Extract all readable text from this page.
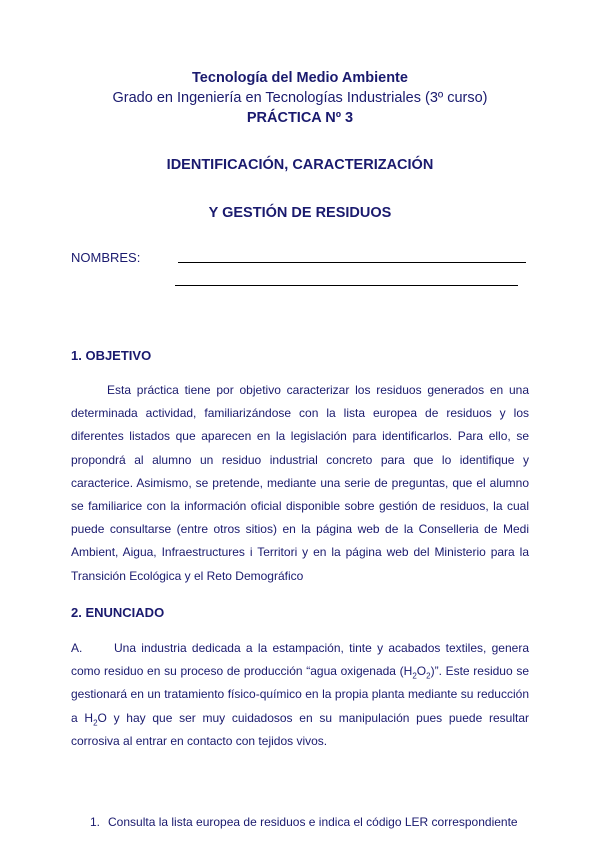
Tecnología del Medio Ambiente
Grado en Ingeniería en Tecnologías Industriales (3º curso)
PRÁCTICA Nº 3
IDENTIFICACIÓN, CARACTERIZACIÓN
Y GESTIÓN DE RESIDUOS
NOMBRES:
1. OBJETIVO
Esta práctica tiene por objetivo caracterizar los residuos generados en una determinada actividad, familiarizándose con la lista europea de residuos y los diferentes listados que aparecen en la legislación para identificarlos. Para ello, se propondrá al alumno un residuo industrial concreto para que lo identifique y caracterice. Asimismo, se pretende, mediante una serie de preguntas, que el alumno se familiarice con la información oficial disponible sobre gestión de residuos, la cual puede consultarse (entre otros sitios) en la página web de la Conselleria de Medi Ambient, Aigua, Infraestructures i Territori y en la página web del Ministerio para la Transición Ecológica y el Reto Demográfico
2. ENUNCIADO
A.	Una industria dedicada a la estampación, tinte y acabados textiles, genera como residuo en su proceso de producción “agua oxigenada $(H_2O_2)$”. Este residuo se gestionará en un tratamiento físico-químico en la propia planta mediante su reducción a $H_2O$ y hay que ser muy cuidadosos en su manipulación pues puede resultar corrosiva al entrar en contacto con tejidos vivos.
1. Consulta la lista europea de residuos e indica el código LER correspondiente
